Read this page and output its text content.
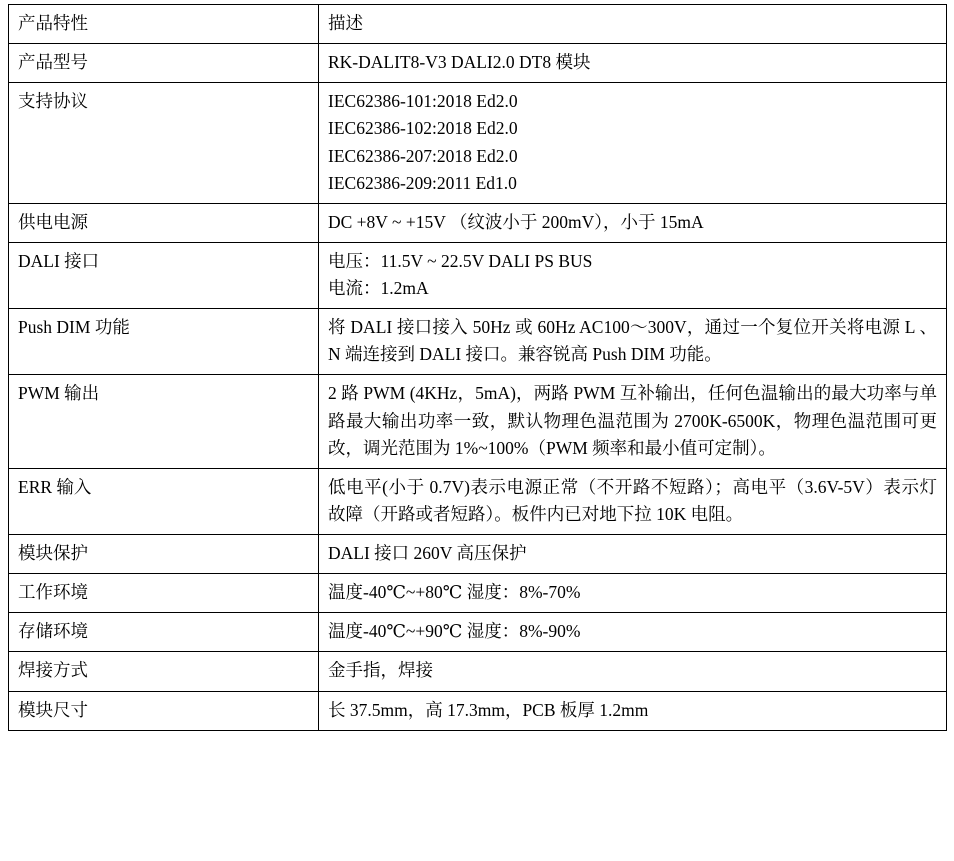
产品特性	描述
产品型号	RK-DALIT8-V3 DALI2.0 DT8 模块

支持协议	IEC62386-101:2018 Ed2.0
IEC62386-102:2018 Ed2.0
IEC62386-207:2018 Ed2.0
IEC62386-209:2011 Ed1.0

供电电源	DC +8V ~ +15V （纹波小于 200mV），小于 15mA

DALI 接口	电压：11.5V ~ 22.5V DALI PS BUS
电流：1.2mA

Push DIM 功能	将 DALI 接口接入 50Hz 或 60Hz AC100～300V，通过一个复位开关将电源 L 、N 端连接到 DALI 接口。兼容锐高 Push DIM 功能。

PWM 输出	2 路 PWM (4KHz，5mA)，两路 PWM 互补输出，任何色温输出的最大功率与单路最大输出功率一致，默认物理色温范围为 2700K-6500K，物理色温范围可更改，调光范围为 1%~100%（PWM 频率和最小值可定制）。

ERR 输入	低电平(小于 0.7V)表示电源正常（不开路不短路）；高电平（3.6V-5V）表示灯故障（开路或者短路）。板件内已对地下拉 10K 电阻。

模块保护	DALI 接口 260V 高压保护

工作环境	温度-40℃~+80℃ 湿度：8%-70%

存储环境	温度-40℃~+90℃ 湿度：8%-90%

焊接方式	金手指，焊接

模块尺寸	长 37.5mm，高 17.3mm，PCB 板厚 1.2mm
